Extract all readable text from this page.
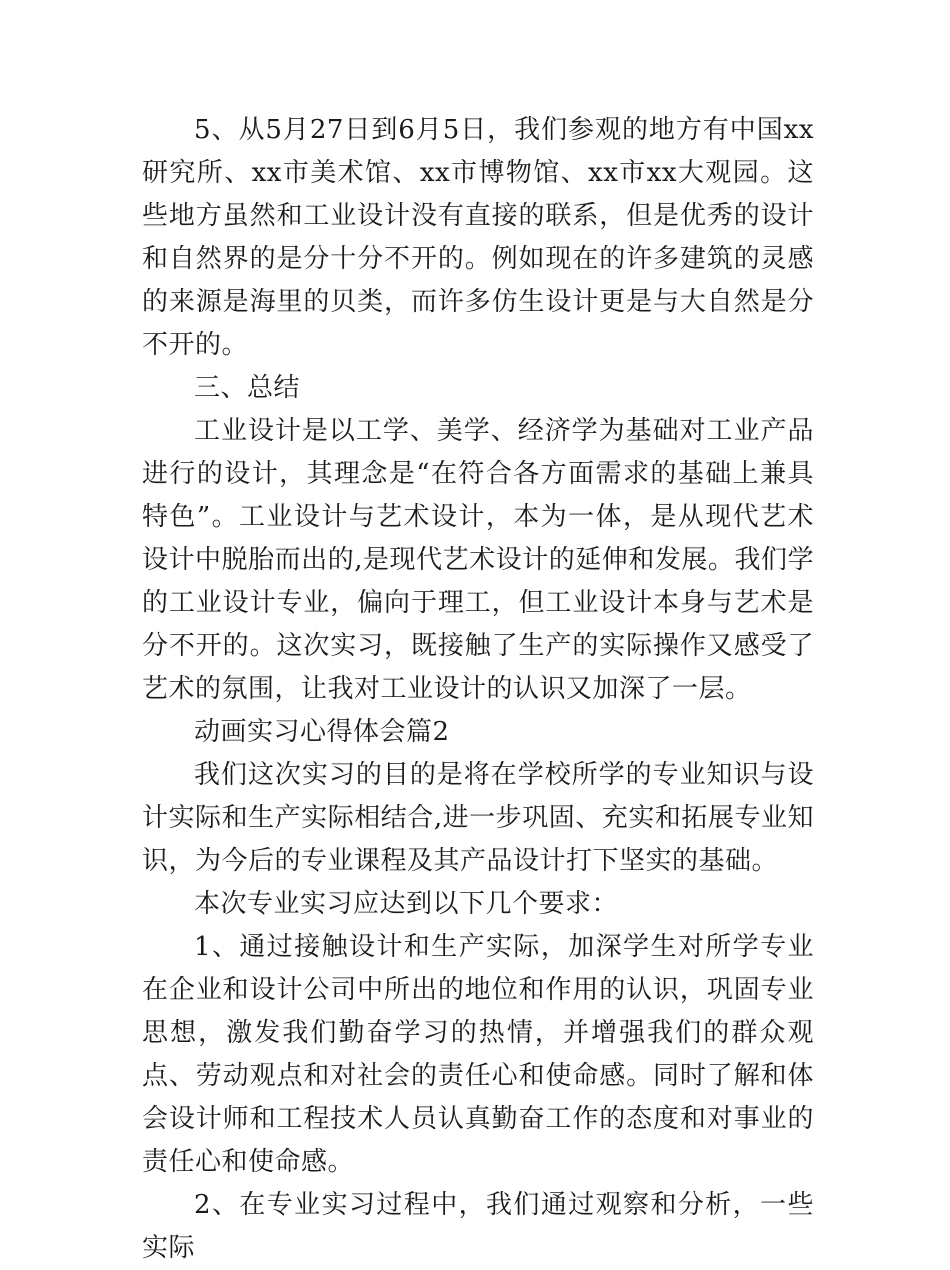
5、从5月27日到6月5日，我们参观的地方有中国xx研究所、xx市美术馆、xx市博物馆、xx市xx大观园。这些地方虽然和工业设计没有直接的联系，但是优秀的设计和自然界的是分十分不开的。例如现在的许多建筑的灵感的来源是海里的贝类，而许多仿生设计更是与大自然是分不开的。

三、总结

工业设计是以工学、美学、经济学为基础对工业产品进行的设计，其理念是“在符合各方面需求的基础上兼具特色”。工业设计与艺术设计，本为一体，是从现代艺术设计中脱胎而出的,是现代艺术设计的延伸和发展。我们学的工业设计专业，偏向于理工，但工业设计本身与艺术是分不开的。这次实习，既接触了生产的实际操作又感受了艺术的氛围，让我对工业设计的认识又加深了一层。

动画实习心得体会篇2

我们这次实习的目的是将在学校所学的专业知识与设计实际和生产实际相结合,进一步巩固、充实和拓展专业知识，为今后的专业课程及其产品设计打下坚实的基础。

本次专业实习应达到以下几个要求：

1、通过接触设计和生产实际，加深学生对所学专业在企业和设计公司中所出的地位和作用的认识，巩固专业思想，激发我们勤奋学习的热情，并增强我们的群众观点、劳动观点和对社会的责任心和使命感。同时了解和体会设计师和工程技术人员认真勤奋工作的态度和对事业的责任心和使命感。

2、在专业实习过程中，我们通过观察和分析，一些实际
